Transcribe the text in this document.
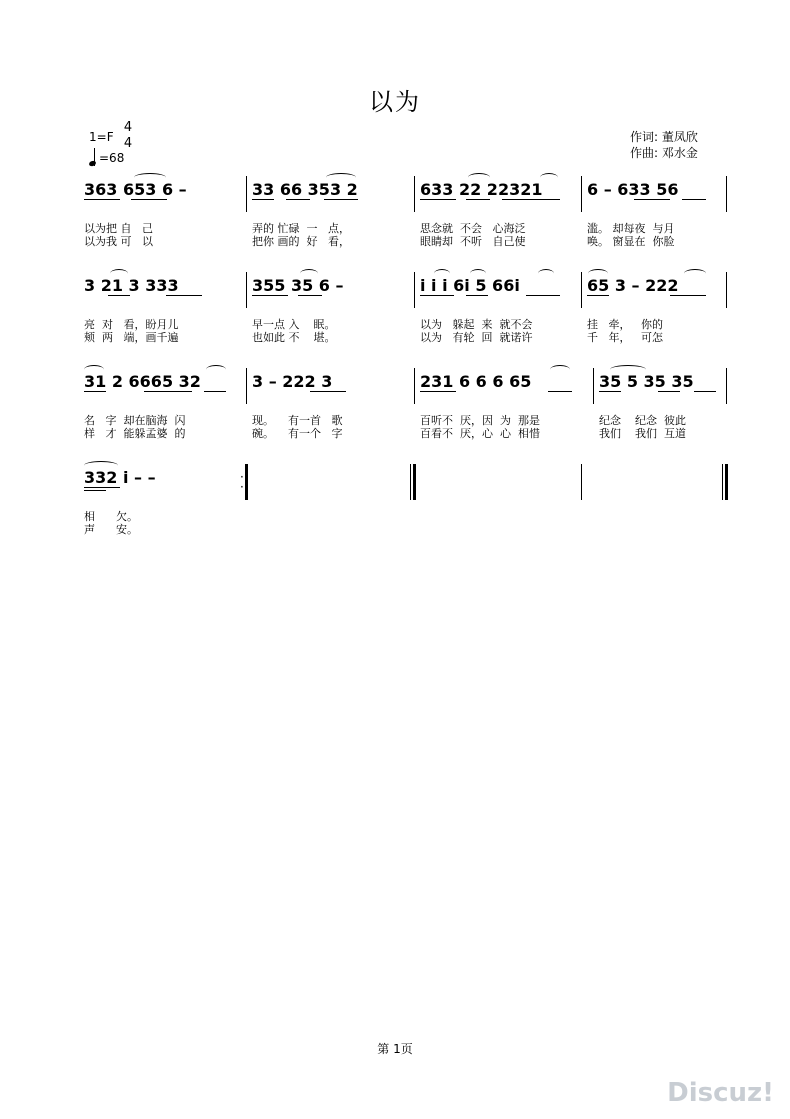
以为
1=F
4
4
=68
作词: 董凤欣
作曲: 邓水金
363 653 6 –	33 66 353 2	633 22 22321	6 – 633 56
以为把 自   己	弄的 忙碌  一   点，	思念就  不会   心海泛	滥。 却每夜  与月
以为我 可   以	把你 画的  好   看，	眼睛却  不听   自己使	唤。 窗显在  你脸
3 21 3 333	355 35 6 –	i i i 6i 5 66i	65 3 – 222
亮  对   看，盼月儿	早一点 入    眠。	以为   躲起  来  就不会	挂   牵，   你的
颊  两   端，画千遍	也如此 不    堪。	以为   有轮  回  就诺许	千   年，   可怎
31 2 6665 32	3 – 222 3	231 6 6 6 65	35 5 35 35
名   字  却在脑海  闪	现。    有一首   歌	百听不  厌，因  为  那是	纪念    纪念  彼此
样   才  能躲孟婆  的	碗。    有一个   字	百看不  厌，心  心  相惜	我们    我们  互道
332 i – –	·
·
相      欠。
声      安。
第 1页
Discuz!
